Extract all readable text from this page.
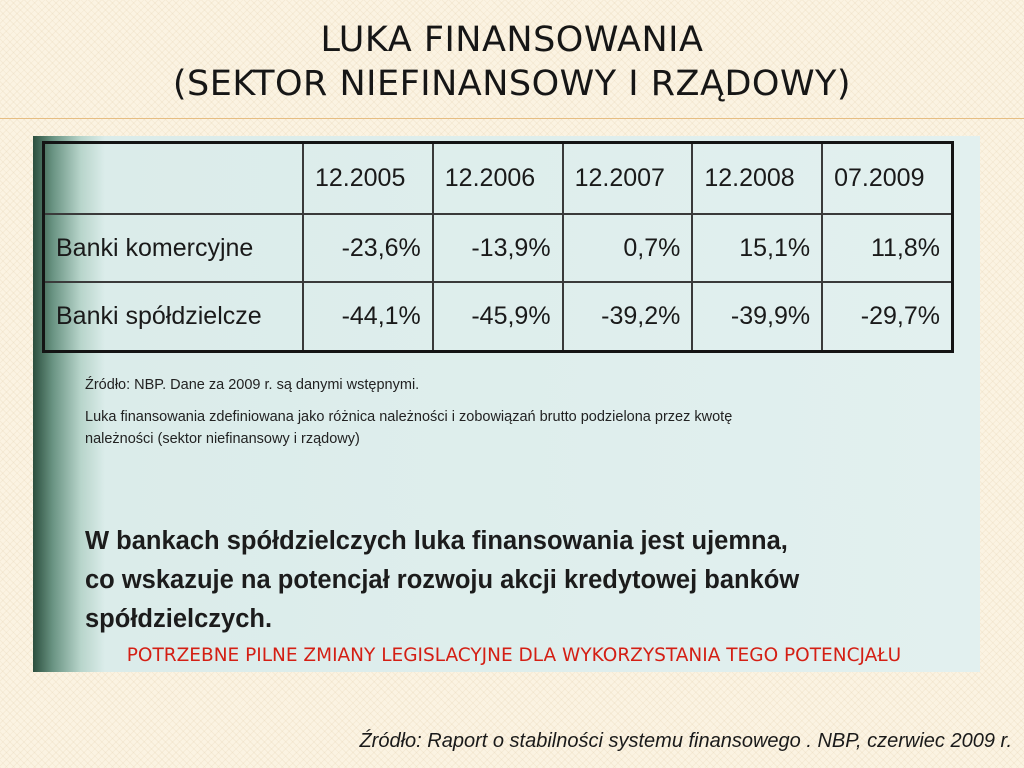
LUKA FINANSOWANIA
(SEKTOR NIEFINANSOWY I RZĄDOWY)
	12.2005	12.2006	12.2007	12.2008	07.2009
Banki komercyjne	-23,6%	-13,9%	0,7%	15,1%	11,8%
Banki spółdzielcze	-44,1%	-45,9%	-39,2%	-39,9%	-29,7%

Źródło: NBP. Dane za 2009 r. są danymi wstępnymi.

Luka finansowania zdefiniowana jako różnica należności i zobowiązań brutto podzielona przez kwotę
należności (sektor niefinansowy i rządowy)

W bankach spółdzielczych luka finansowania jest ujemna,
co wskazuje na potencjał rozwoju akcji kredytowej banków
spółdzielczych.
POTRZEBNE PILNE ZMIANY LEGISLACYJNE DLA WYKORZYSTANIA TEGO POTENCJAŁU
Źródło: Raport o stabilności systemu finansowego . NBP, czerwiec 2009 r.
